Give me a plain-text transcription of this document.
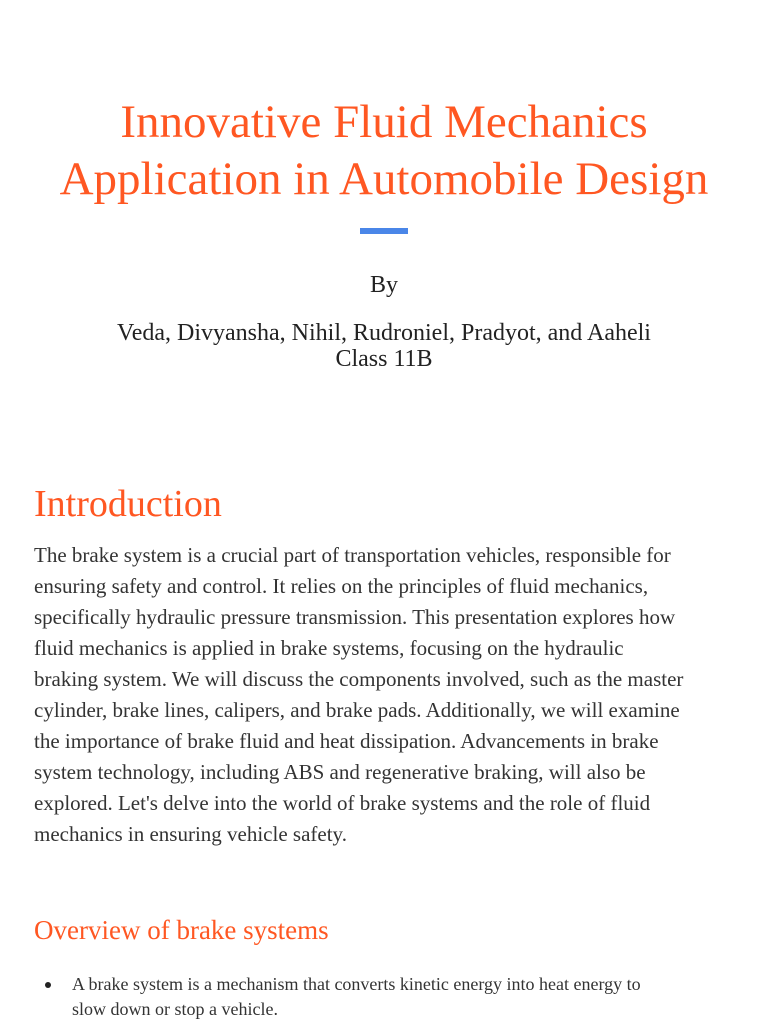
Innovative Fluid Mechanics
Application in Automobile Design
By
Veda, Divyansha, Nihil, Rudroniel, Pradyot, and Aaheli
Class 11B
Introduction
The brake system is a crucial part of transportation vehicles, responsible for
ensuring safety and control. It relies on the principles of fluid mechanics,
specifically hydraulic pressure transmission. This presentation explores how
fluid mechanics is applied in brake systems, focusing on the hydraulic
braking system. We will discuss the components involved, such as the master
cylinder, brake lines, calipers, and brake pads. Additionally, we will examine
the importance of brake fluid and heat dissipation. Advancements in brake
system technology, including ABS and regenerative braking, will also be
explored. Let's delve into the world of brake systems and the role of fluid
mechanics in ensuring vehicle safety.
Overview of brake systems
A brake system is a mechanism that converts kinetic energy into heat energy to
slow down or stop a vehicle.
